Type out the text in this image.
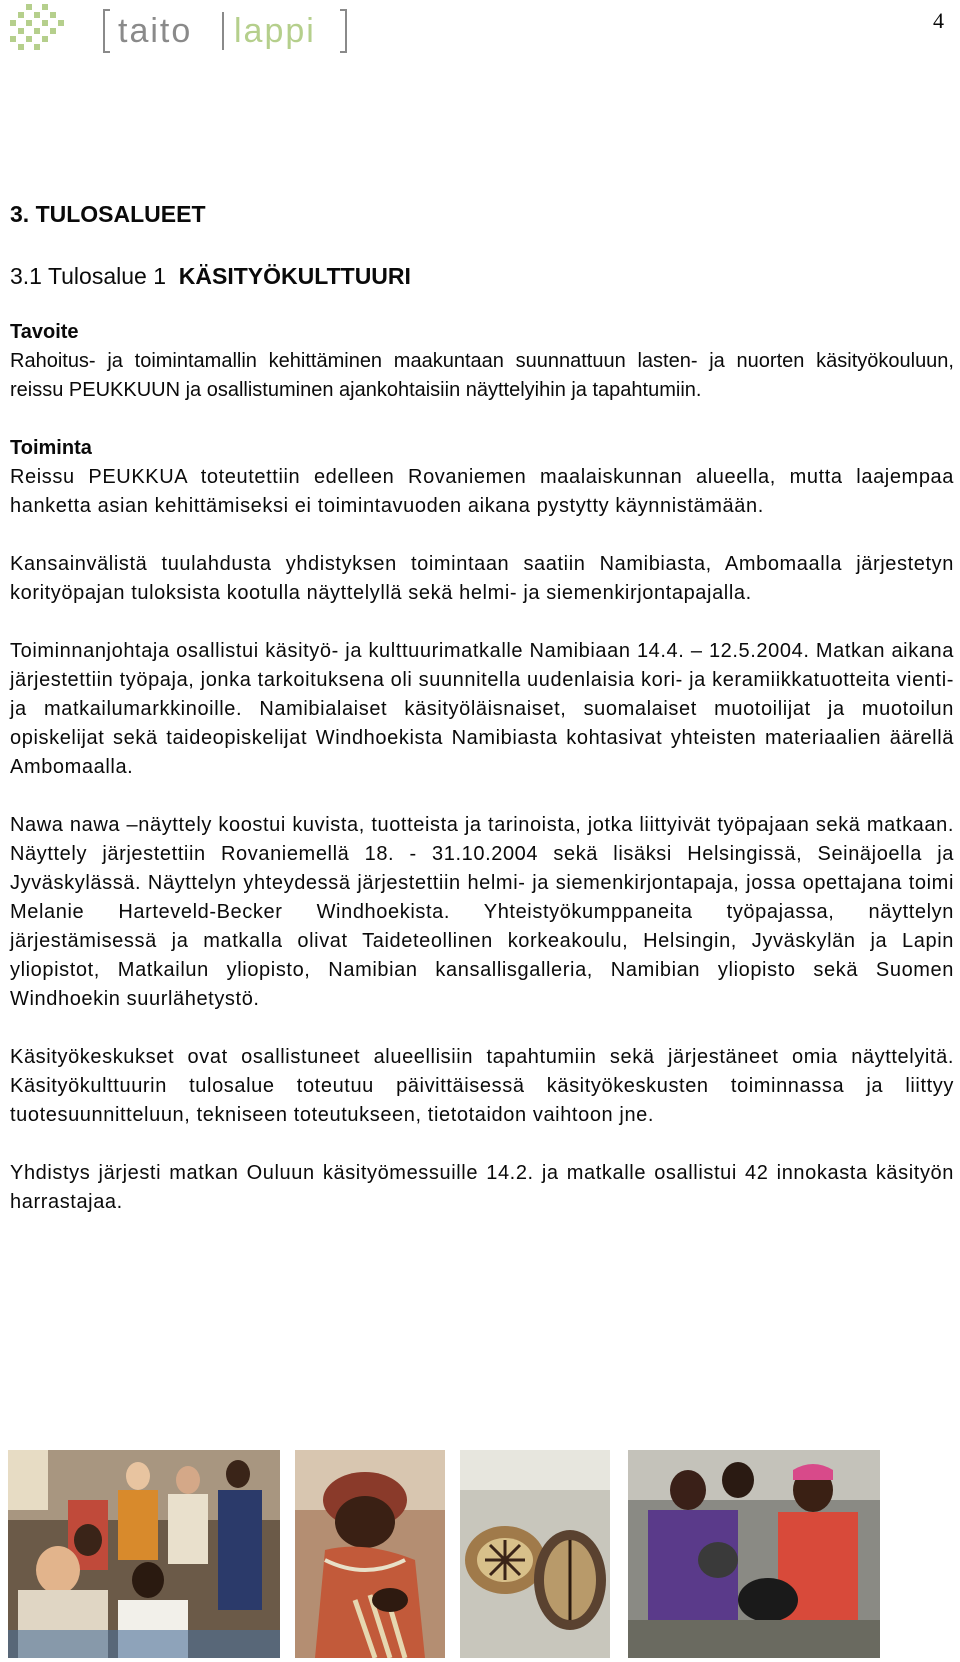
taito lappi	4
3. TULOSALUEET
3.1 Tulosalue 1 KÄSITYÖKULTTUURI
Tavoite

Rahoitus- ja toimintamallin kehittäminen maakuntaan suunnattuun lasten- ja nuorten käsityökouluun, reissu PEUKKUUN ja osallistuminen ajankohtaisiin näyttelyihin ja tapahtumiin.

Toiminta

Reissu PEUKKUA toteutettiin edelleen Rovaniemen maalaiskunnan alueella, mutta laajempaa hanketta asian kehittämiseksi ei toimintavuoden aikana pystytty käynnistämään.

Kansainvälistä tuulahdusta yhdistyksen toimintaan saatiin Namibiasta, Ambomaalla järjestetyn korityöpajan tuloksista kootulla näyttelyllä sekä helmi- ja siemenkirjontapajalla.

Toiminnanjohtaja osallistui käsityö- ja kulttuurimatkalle Namibiaan 14.4. – 12.5.2004. Matkan aikana järjestettiin työpaja, jonka tarkoituksena oli suunnitella uudenlaisia kori- ja keramiikkatuotteita vienti- ja matkailumarkkinoille. Namibialaiset käsityöläisnaiset, suomalaiset muotoilijat ja muotoilun opiskelijat sekä taideopiskelijat Windhoekista Namibiasta kohtasivat yhteisten materiaalien äärellä Ambomaalla.

Nawa nawa –näyttely koostui kuvista, tuotteista ja tarinoista, jotka liittyivät työpajaan sekä matkaan. Näyttely järjestettiin Rovaniemellä 18. - 31.10.2004 sekä lisäksi Helsingissä, Seinäjoella ja Jyväskylässä. Näyttelyn yhteydessä järjestettiin helmi- ja siemenkirjontapaja, jossa opettajana toimi Melanie Harteveld-Becker Windhoekista. Yhteistyökumppaneita työpajassa, näyttelyn järjestämisessä ja matkalla olivat Taideteollinen korkeakoulu, Helsingin, Jyväskylän ja Lapin yliopistot, Matkailun yliopisto, Namibian kansallisgalleria, Namibian yliopisto sekä Suomen Windhoekin suurlähetystö.

Käsityökeskukset ovat osallistuneet alueellisiin tapahtumiin sekä järjestäneet omia näyttelyitä. Käsityökulttuurin tulosalue toteutuu päivittäisessä käsityökeskusten toiminnassa ja liittyy tuotesuunnitteluun, tekniseen toteutukseen, tietotaidon vaihtoon jne.

Yhdistys järjesti matkan Ouluun käsityömessuille 14.2. ja matkalle osallistui 42 innokasta käsityön harrastajaa.
